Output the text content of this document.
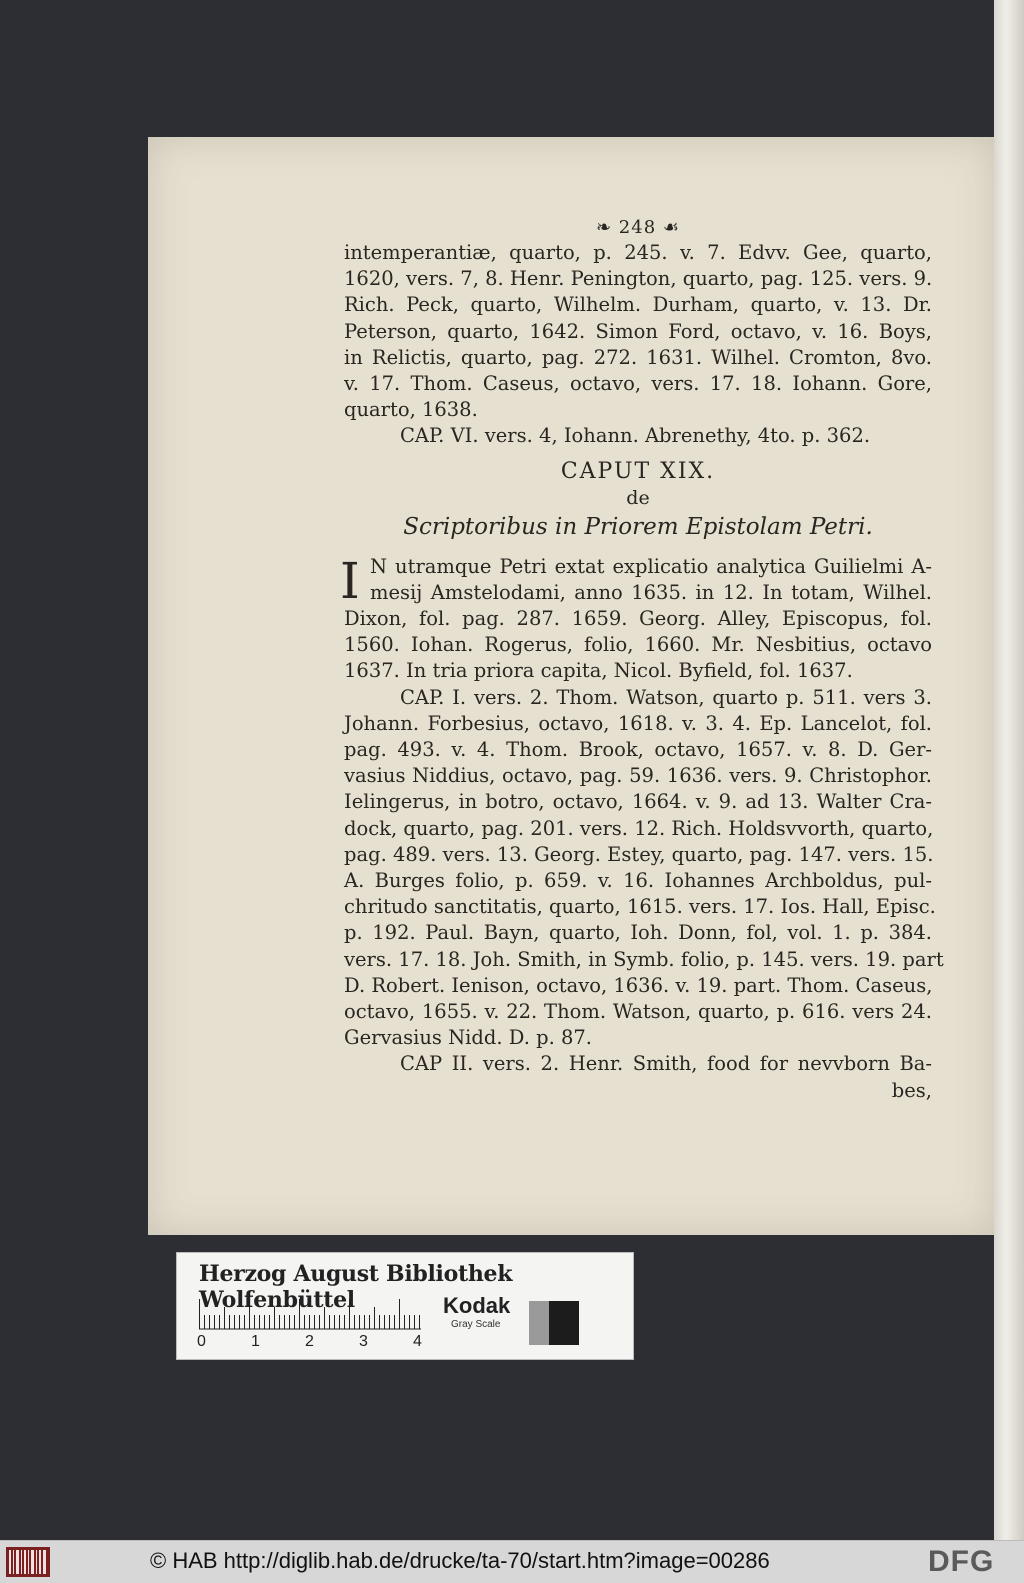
❧ 248 ☙
intemperantiæ, quarto, p. 245. v. 7. Edvv. Gee, quarto,
1620, vers. 7, 8. Henr. Penington, quarto, pag. 125. vers. 9.
Rich. Peck, quarto, Wilhelm. Durham, quarto, v. 13. Dr.
Peterson, quarto, 1642. Simon Ford, octavo, v. 16. Boys,
in Relictis, quarto, pag. 272. 1631. Wilhel. Cromton, 8vo.
v. 17. Thom. Caseus, octavo, vers. 17. 18. Iohann. Gore,
quarto, 1638.
CAP. VI. vers. 4, Iohann. Abrenethy, 4to. p. 362.
CAPUT XIX.
de
Scriptoribus in Priorem Epistolam Petri.
I N utramque Petri extat explicatio analytica Guilielmi A-
mesij Amstelodami, anno 1635. in 12. In totam, Wilhel.
Dixon, fol. pag. 287. 1659. Georg. Alley, Episcopus, fol.
1560. Iohan. Rogerus, folio, 1660. Mr. Nesbitius, octavo
1637. In tria priora capita, Nicol. Byfield, fol. 1637.
CAP. I. vers. 2. Thom. Watson, quarto p. 511. vers 3.
Johann. Forbesius, octavo, 1618. v. 3. 4. Ep. Lancelot, fol.
pag. 493. v. 4. Thom. Brook, octavo, 1657. v. 8. D. Ger-
vasius Niddius, octavo, pag. 59. 1636. vers. 9. Christophor.
Ielingerus, in botro, octavo, 1664. v. 9. ad 13. Walter Cra-
dock, quarto, pag. 201. vers. 12. Rich. Holdsvvorth, quarto,
pag. 489. vers. 13. Georg. Estey, quarto, pag. 147. vers. 15.
A. Burges folio, p. 659. v. 16. Iohannes Archboldus, pul-
chritudo sanctitatis, quarto, 1615. vers. 17. Ios. Hall, Episc.
p. 192. Paul. Bayn, quarto, Ioh. Donn, fol, vol. 1. p. 384.
vers. 17. 18. Joh. Smith, in Symb. folio, p. 145. vers. 19. part
D. Robert. Ienison, octavo, 1636. v. 19. part. Thom. Caseus,
octavo, 1655. v. 22. Thom. Watson, quarto, p. 616. vers 24.
Gervasius Nidd. D. p. 87.
CAP II. vers. 2. Henr. Smith, food for nevvborn Ba-
bes,
Herzog August Bibliothek Wolfenbüttel
0	1	2	3	4
Kodak
Gray Scale
© HAB http://diglib.hab.de/drucke/ta-70/start.htm?image=00286	DFG
